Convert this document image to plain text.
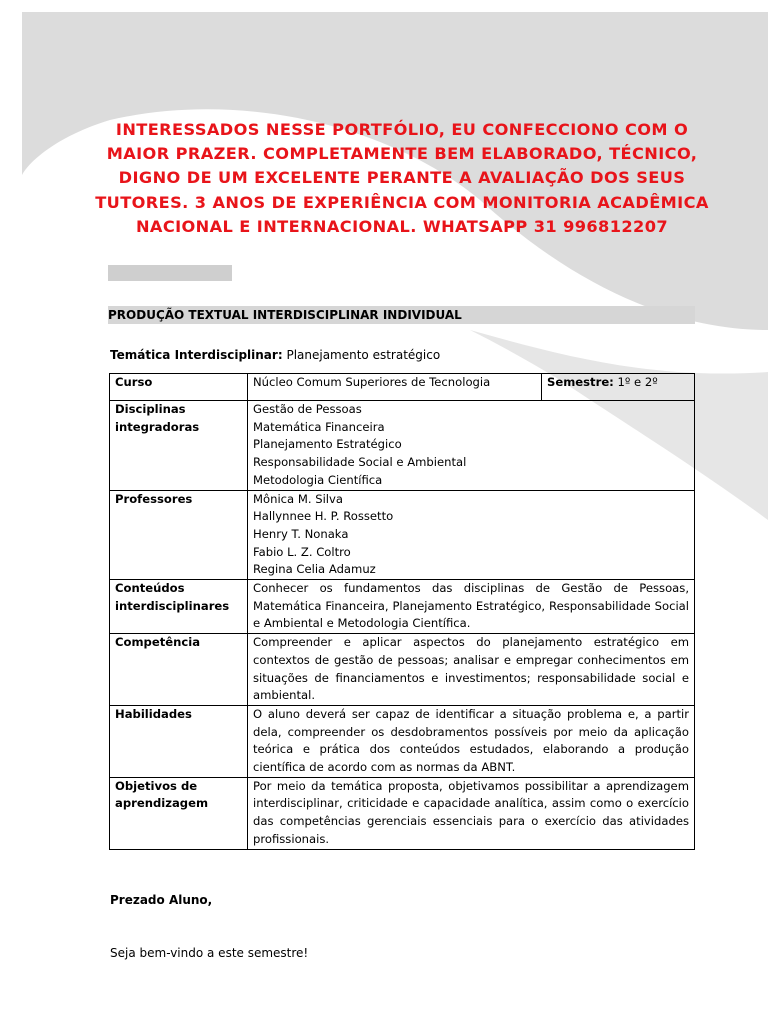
INTERESSADOS NESSE PORTFÓLIO, EU CONFECCIONO COM O MAIOR PRAZER. COMPLETAMENTE BEM ELABORADO, TÉCNICO, DIGNO DE UM EXCELENTE PERANTE A AVALIAÇÃO DOS SEUS TUTORES. 3 ANOS DE EXPERIÊNCIA COM MONITORIA ACADÊMICA NACIONAL E INTERNACIONAL. WHATSAPP 31 996812207
PRODUÇÃO TEXTUAL INTERDISCIPLINAR INDIVIDUAL
Temática Interdisciplinar: Planejamento estratégico
Curso	Núcleo Comum Superiores de Tecnologia	Semestre: 1º e 2º
Disciplinas integradoras	Gestão de Pessoas
Matemática Financeira
Planejamento Estratégico
Responsabilidade Social e Ambiental
Metodologia Científica	

Professores	Mônica M. Silva
Hallynnee H. P. Rossetto
Henry T. Nonaka
Fabio L. Z. Coltro
Regina Celia Adamuz	

Conteúdos interdisciplinares	Conhecer os fundamentos das disciplinas de Gestão de Pessoas, Matemática Financeira, Planejamento Estratégico, Responsabilidade Social e Ambiental e Metodologia Científica.	
Competência	Compreender e aplicar aspectos do planejamento estratégico em contextos de gestão de pessoas; analisar e empregar conhecimentos em situações de financiamentos e investimentos; responsabilidade social e ambiental.	
Habilidades	O aluno deverá ser capaz de identificar a situação problema e, a partir dela, compreender os desdobramentos possíveis por meio da aplicação teórica e prática dos conteúdos estudados, elaborando a produção científica de acordo com as normas da ABNT.	
Objetivos de aprendizagem	Por meio da temática proposta, objetivamos possibilitar a aprendizagem interdisciplinar, criticidade e capacidade analítica, assim como o exercício das competências gerenciais essenciais para o exercício das atividades profissionais.	
Prezado Aluno,
Seja bem-vindo a este semestre!
